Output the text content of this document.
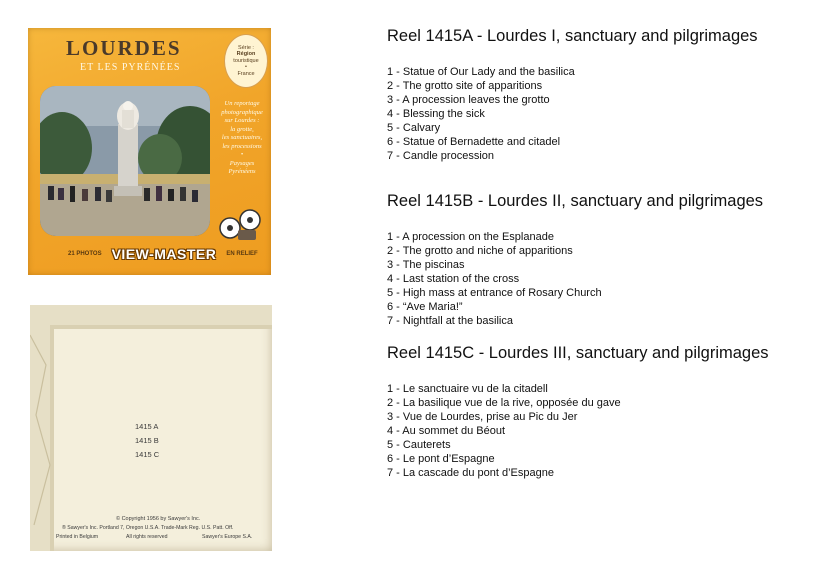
LOURDES
ET LES PYRÉNÉES
Série :
Région
touristique
•
France
Un reportage
photographique
sur Lourdes :
la grotte,
les sanctuaires,
les processions
•
Paysages
Pyrénéens
21 PHOTOS VIEW-MASTER EN RELIEF
1415 A
1415 B
1415 C
© Copyright 1956 by Sawyer's Inc.
® Sawyer's Inc. Portland 7, Oregon U.S.A. Trade-Mark Reg. U.S. Patt. Off.
Printed in Belgium	All rights reserved	Sawyer's Europe S.A.
Reel 1415A - Lourdes I, sanctuary and pilgrimages
1 - Statue of Our Lady and the basilica
2 - The grotto site of apparitions
3 - A procession leaves the grotto
4 - Blessing the sick
5 - Calvary
6 - Statue of Bernadette and citadel
7 - Candle procession
Reel 1415B - Lourdes II, sanctuary and pilgrimages
1 - A procession on the Esplanade
2 - The grotto and niche of apparitions
3 - The piscinas
4 - Last station of the cross
5 - High mass at entrance of Rosary Church
6 - “Ave Maria!”
7 - Nightfall at the basilica
Reel 1415C - Lourdes III, sanctuary and pilgrimages
1 - Le sanctuaire vu de la citadell
2 - La basilique vue de la rive, opposée du gave
3 - Vue de Lourdes, prise au Pic du Jer
4 - Au sommet du Béout
5 - Cauterets
6 - Le pont d’Espagne
7 - La cascade du pont d’Espagne
